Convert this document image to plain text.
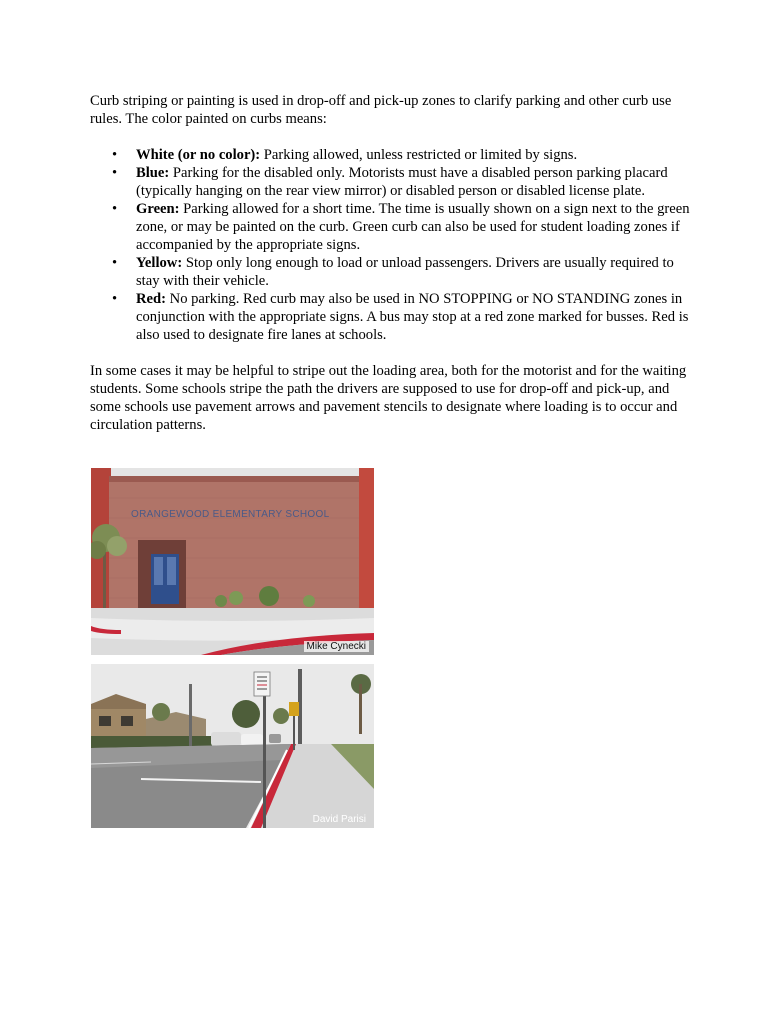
Curb striping or painting is used in drop-off and pick-up zones to clarify parking and other curb use rules. The color painted on curbs means:

• White (or no color): Parking allowed, unless restricted or limited by signs.
• Blue: Parking for the disabled only. Motorists must have a disabled person parking placard (typically hanging on the rear view mirror) or disabled person or disabled license plate.
• Green: Parking allowed for a short time. The time is usually shown on a sign next to the green zone, or may be painted on the curb. Green curb can also be used for student loading zones if accompanied by the appropriate signs.
• Yellow: Stop only long enough to load or unload passengers. Drivers are usually required to stay with their vehicle.
• Red: No parking. Red curb may also be used in NO STOPPING or NO STANDING zones in conjunction with the appropriate signs. A bus may stop at a red zone marked for busses. Red is also used to designate fire lanes at schools.

In some cases it may be helpful to stripe out the loading area, both for the motorist and for the waiting students. Some schools stripe the path the drivers are supposed to use for drop-off and pick-up, and some schools use pavement arrows and pavement stencils to designate where loading is to occur and circulation patterns.

ORANGEWOOD ELEMENTARY SCHOOL
Mike Cynecki
David Parisi
